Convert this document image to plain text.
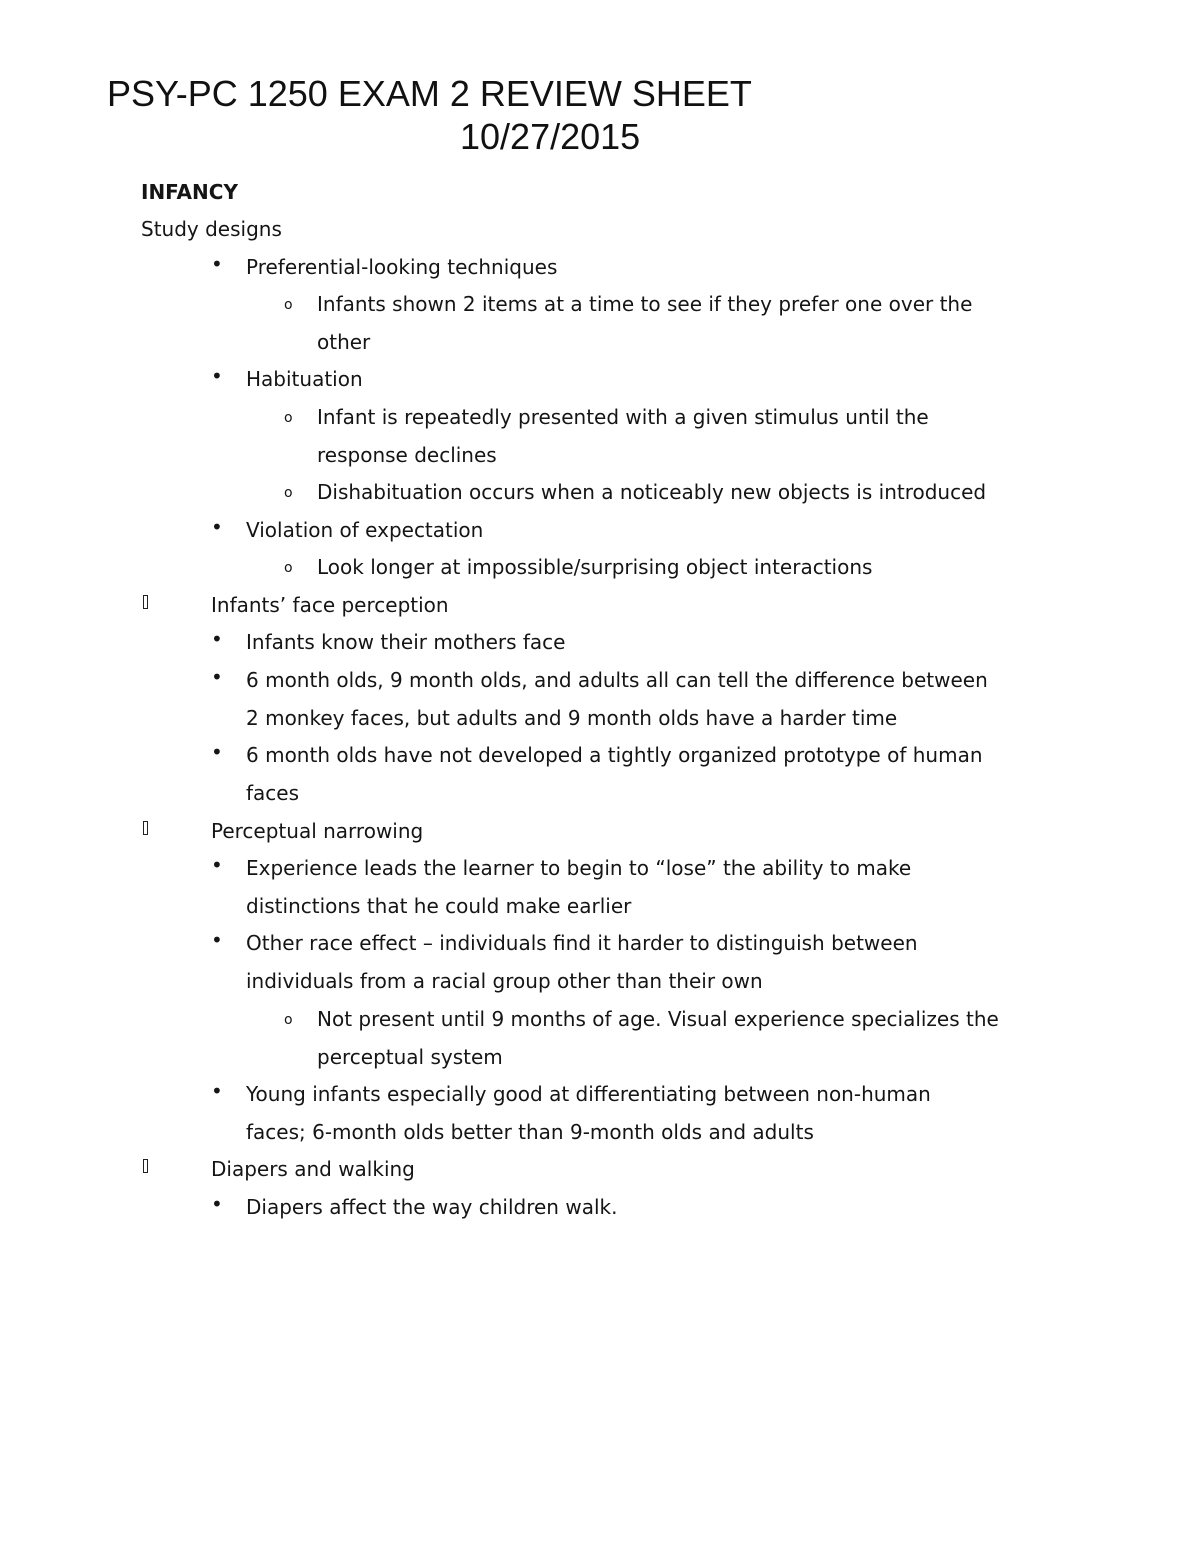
PSY-PC 1250 EXAM 2 REVIEW SHEET
10/27/2015
INFANCY
Study designs
• Preferential-looking techniques
o Infants shown 2 items at a time to see if they prefer one over the
other
• Habituation
o Infant is repeatedly presented with a given stimulus until the
response declines
o Dishabituation occurs when a noticeably new objects is introduced
• Violation of expectation
o Look longer at impossible/surprising object interactions
Infants’ face perception
• Infants know their mothers face
• 6 month olds, 9 month olds, and adults all can tell the difference between
2 monkey faces, but adults and 9 month olds have a harder time
• 6 month olds have not developed a tightly organized prototype of human
faces
Perceptual narrowing
• Experience leads the learner to begin to “lose” the ability to make
distinctions that he could make earlier
• Other race effect – individuals find it harder to distinguish between
individuals from a racial group other than their own
o Not present until 9 months of age. Visual experience specializes the
perceptual system
• Young infants especially good at differentiating between non-human
faces; 6-month olds better than 9-month olds and adults
Diapers and walking
• Diapers affect the way children walk.
